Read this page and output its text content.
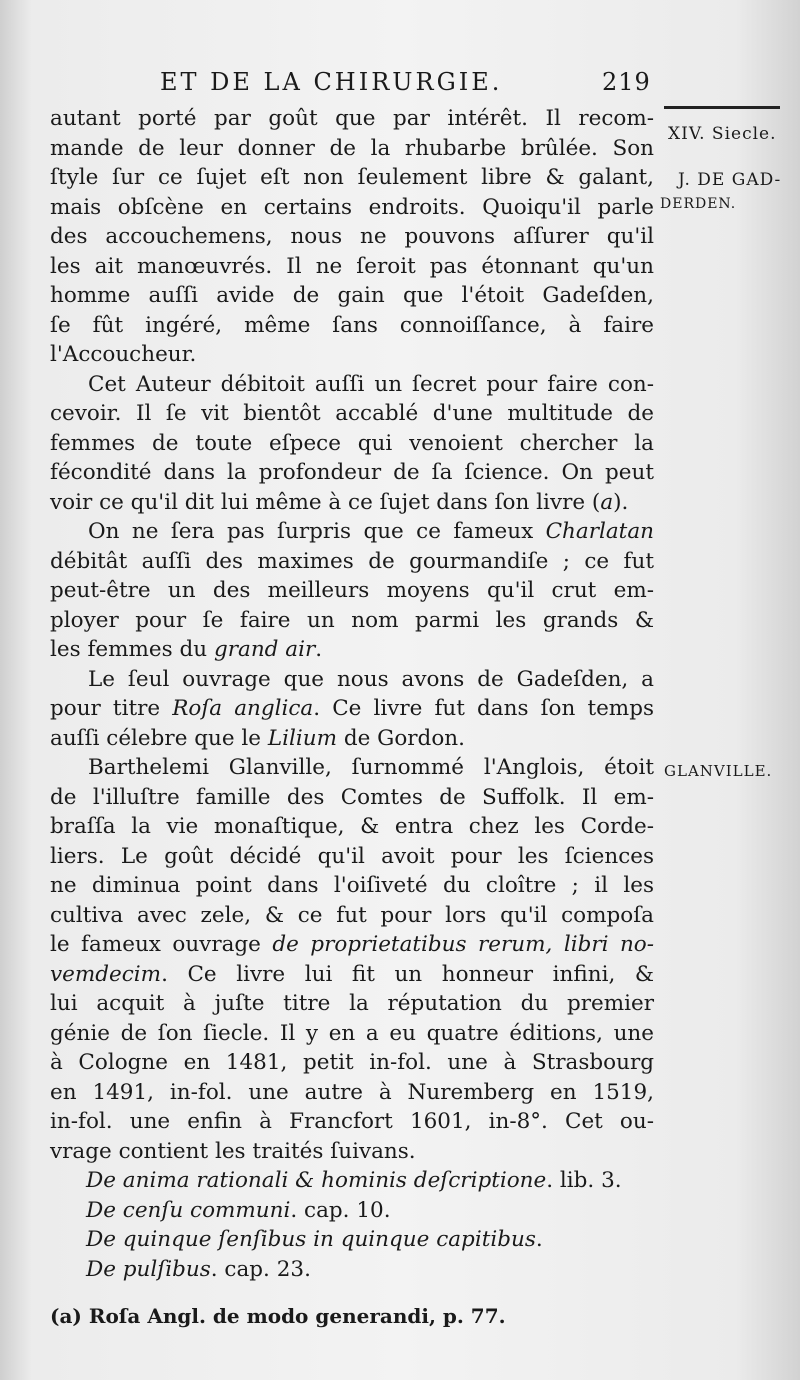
ET DE LA CHIRURGIE.	219
XIV. Siecle.
J. DE GAD-
DERDEN.
GLANVILLE.
autant porté par goût que par intérêt. Il recom-
mande de leur donner de la rhubarbe brûlée. Son
ſtyle ſur ce ſujet eſt non ſeulement libre & galant,
mais obſcène en certains endroits. Quoiqu'il parle
des accouchemens, nous ne pouvons aſſurer qu'il
les ait manœuvrés. Il ne ſeroit pas étonnant qu'un
homme auſſi avide de gain que l'étoit Gadeſden,
ſe fût ingéré, même ſans connoiſſance, à faire
l'Accoucheur.
Cet Auteur débitoit auſſi un ſecret pour faire con-
cevoir. Il ſe vit bientôt accablé d'une multitude de
femmes de toute eſpece qui venoient chercher la
fécondité dans la profondeur de ſa ſcience. On peut
voir ce qu'il dit lui même à ce ſujet dans ſon livre (a).
On ne ſera pas ſurpris que ce fameux Charlatan
débitât auſſi des maximes de gourmandiſe ; ce fut
peut-être un des meilleurs moyens qu'il crut em-
ployer pour ſe faire un nom parmi les grands &
les femmes du grand air.
Le ſeul ouvrage que nous avons de Gadeſden, a
pour titre Roſa anglica. Ce livre fut dans ſon temps
auſſi célebre que le Lilium de Gordon.
Barthelemi Glanville, ſurnommé l'Anglois, étoit
de l'illuſtre famille des Comtes de Suffolk. Il em-
braſſa la vie monaſtique, & entra chez les Corde-
liers. Le goût décidé qu'il avoit pour les ſciences
ne diminua point dans l'oiſiveté du cloître ; il les
cultiva avec zele, & ce fut pour lors qu'il compoſa
le fameux ouvrage de proprietatibus rerum, libri no-
vemdecim. Ce livre lui fit un honneur infini, &
lui acquit à juſte titre la réputation du premier
génie de ſon ſiecle. Il y en a eu quatre éditions, une
à Cologne en 1481, petit in-fol. une à Strasbourg
en 1491, in-fol. une autre à Nuremberg en 1519,
in-fol. une enfin à Francfort 1601, in-8°. Cet ou-
vrage contient les traités ſuivans.
De anima rationali & hominis deſcriptione. lib. 3.
De cenſu communi. cap. 10.
De quinque ſenſibus in quinque capitibus.
De pulſibus. cap. 23.
(a) Roſa Angl. de modo generandi, p. 77.
